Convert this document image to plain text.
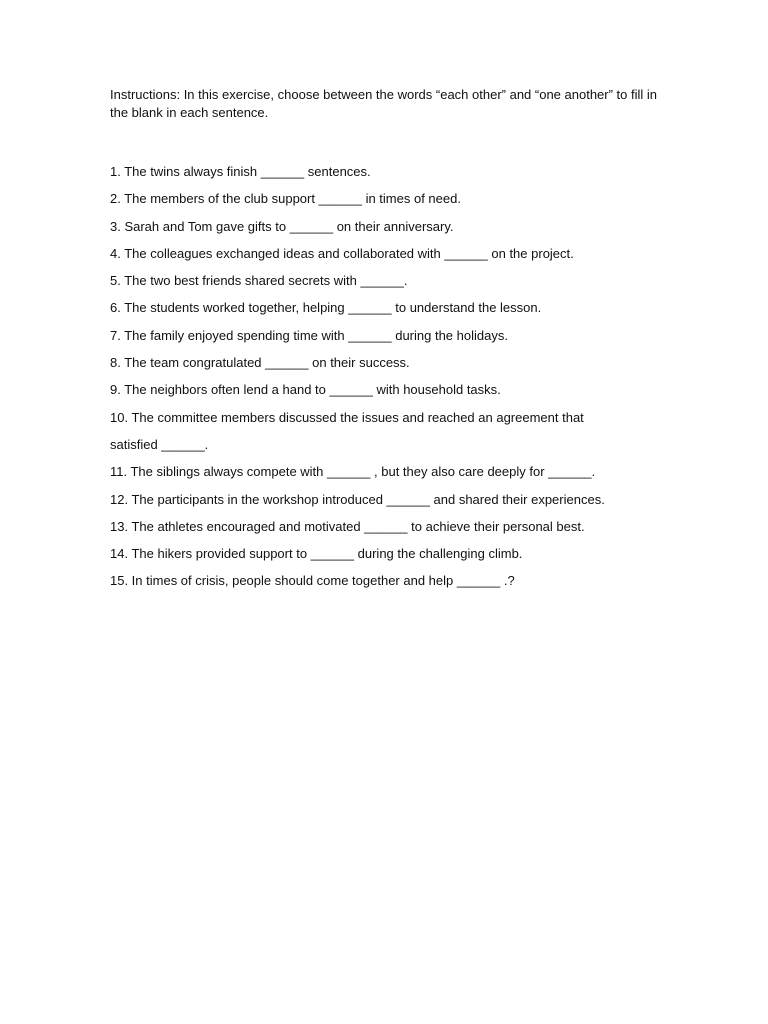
Instructions: In this exercise, choose between the words “each other” and “one another” to fill in the blank in each sentence.

1. The twins always finish ______ sentences.
2. The members of the club support ______ in times of need.
3. Sarah and Tom gave gifts to ______ on their anniversary.
4. The colleagues exchanged ideas and collaborated with ______ on the project.
5. The two best friends shared secrets with ______.
6. The students worked together, helping ______ to understand the lesson.
7. The family enjoyed spending time with ______ during the holidays.
8. The team congratulated ______ on their success.
9. The neighbors often lend a hand to ______ with household tasks.
10. The committee members discussed the issues and reached an agreement that
satisfied ______.
11. The siblings always compete with ______ , but they also care deeply for ______.
12. The participants in the workshop introduced ______ and shared their experiences.
13. The athletes encouraged and motivated ______ to achieve their personal best.
14. The hikers provided support to ______ during the challenging climb.
15. In times of crisis, people should come together and help ______ .?
